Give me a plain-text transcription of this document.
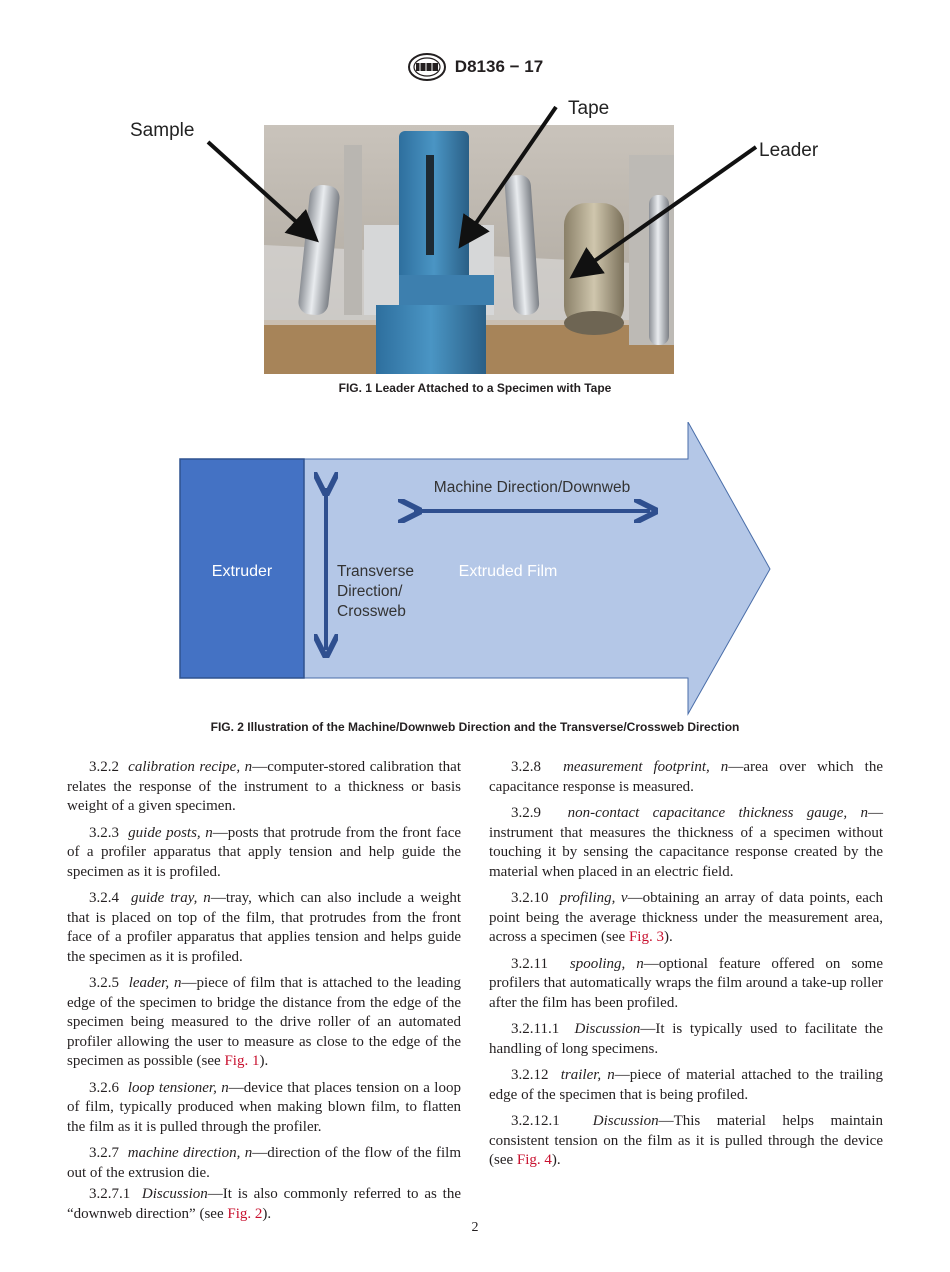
D8136 − 17
Sample
Tape
Leader
FIG. 1 Leader Attached to a Specimen with Tape
Extruder
Machine Direction/Downweb
Transverse
Direction/
Crossweb
Extruded Film
FIG. 2 Illustration of the Machine/Downweb Direction and the Transverse/Crossweb Direction

3.2.2 calibration recipe, n—computer-stored calibration that relates the response of the instrument to a thickness or basis weight of a given specimen.

3.2.3 guide posts, n—posts that protrude from the front face of a profiler apparatus that apply tension and help guide the specimen as it is profiled.

3.2.4 guide tray, n—tray, which can also include a weight that is placed on top of the film, that protrudes from the front face of a profiler apparatus that applies tension and helps guide the specimen as it is profiled.

3.2.5 leader, n—piece of film that is attached to the leading edge of the specimen to bridge the distance from the edge of the specimen being measured to the drive roller of an automated profiler allowing the user to measure as close to the edge of the specimen as possible (see Fig. 1).

3.2.6 loop tensioner, n—device that places tension on a loop of film, typically produced when making blown film, to flatten the film as it is pulled through the profiler.

3.2.7 machine direction, n—direction of the flow of the film out of the extrusion die.

3.2.7.1 Discussion—It is also commonly referred to as the “downweb direction” (see Fig. 2).

3.2.8 measurement footprint, n—area over which the capacitance response is measured.

3.2.9 non-contact capacitance thickness gauge, n—instrument that measures the thickness of a specimen without touching it by sensing the capacitance response created by the material when placed in an electric field.

3.2.10 profiling, v—obtaining an array of data points, each point being the average thickness under the measurement area, across a specimen (see Fig. 3).

3.2.11 spooling, n—optional feature offered on some profilers that automatically wraps the film around a take-up roller after the film has been profiled.

3.2.11.1 Discussion—It is typically used to facilitate the handling of long specimens.

3.2.12 trailer, n—piece of material attached to the trailing edge of the specimen that is being profiled.

3.2.12.1 Discussion—This material helps maintain consistent tension on the film as it is pulled through the device (see Fig. 4).

2
